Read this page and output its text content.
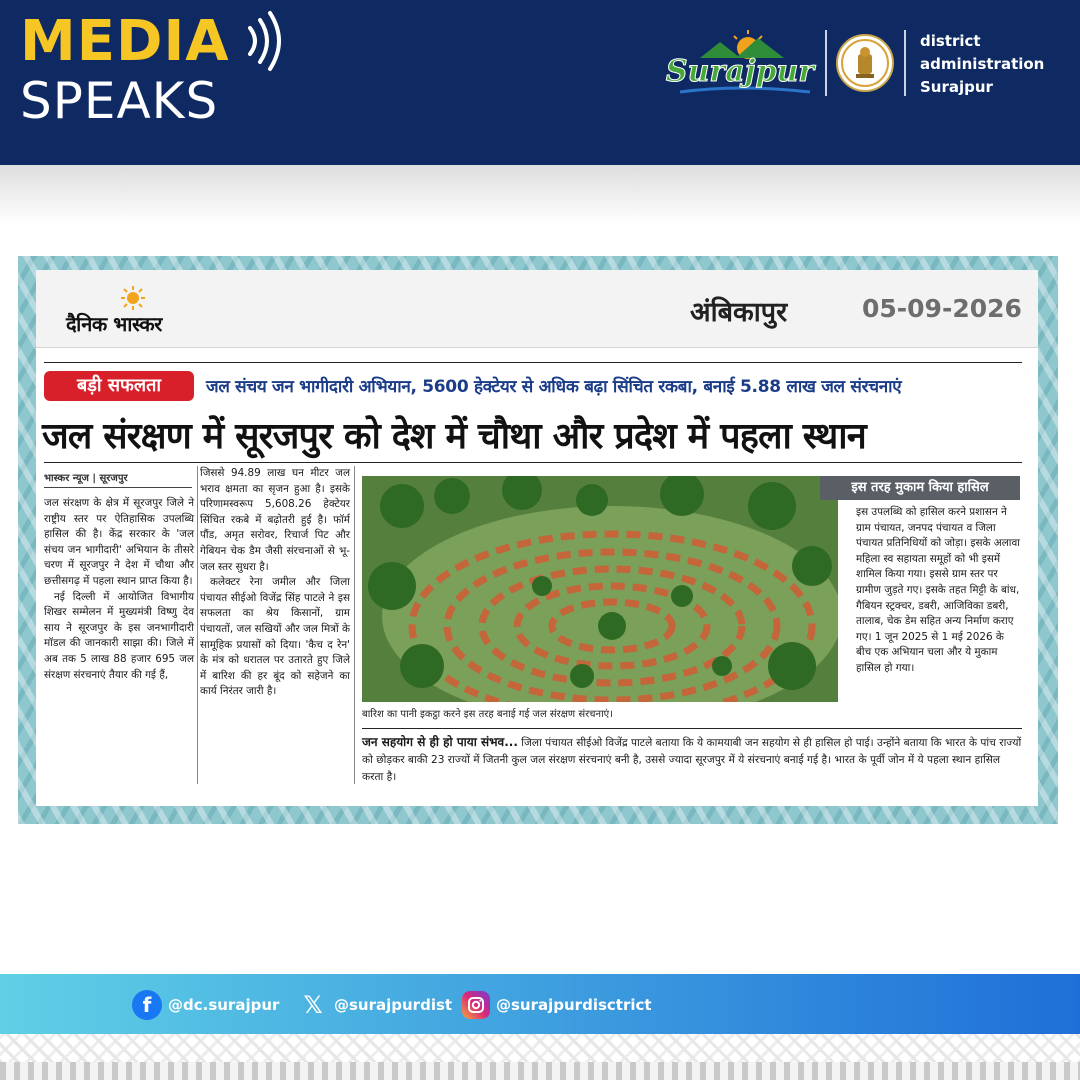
MEDIA
SPEAKS
Surajpur
district
administration
Surajpur
दैनिक भास्कर	अंबिकापुर	05-09-2026
बड़ी सफलता	जल संचय जन भागीदारी अभियान, 5600 हेक्टेयर से अधिक बढ़ा सिंचित रकबा, बनाई 5.88 लाख जल संरचनाएं
जल संरक्षण में सूरजपुर को देश में चौथा और प्रदेश में पहला स्थान
भास्कर न्यूज | सूरजपुर

जल संरक्षण के क्षेत्र में सूरजपुर जिले ने राष्ट्रीय स्तर पर ऐतिहासिक उपलब्धि हासिल की है। केंद्र सरकार के 'जल संचय जन भागीदारी' अभियान के तीसरे चरण में सूरजपुर ने देश में चौथा और छत्तीसगढ़ में पहला स्थान प्राप्त किया है।

नई दिल्ली में आयोजित विभागीय शिखर सम्मेलन में मुख्यमंत्री विष्णु देव साय ने सूरजपुर के इस जनभागीदारी मॉडल की जानकारी साझा की। जिले में अब तक 5 लाख 88 हजार 695 जल संरक्षण संरचनाएं तैयार की गई हैं,

जिससे 94.89 लाख घन मीटर जल भराव क्षमता का सृजन हुआ है। इसके परिणामस्वरूप 5,608.26 हेक्टेयर सिंचित रकबे में बढ़ोतरी हुई है। फॉर्म पौंड, अमृत सरोवर, रिचार्ज पिट और गेबियन चेक डैम जैसी संरचनाओं से भू-जल स्तर सुधरा है।

कलेक्टर रेना जमील और जिला पंचायत सीईओ विजेंद्र सिंह पाटले ने इस सफलता का श्रेय किसानों, ग्राम पंचायतों, जल सखियों और जल मित्रों के सामूहिक प्रयासों को दिया। 'कैच द रेन' के मंत्र को धरातल पर उतारते हुए जिले में बारिश की हर बूंद को सहेजने का कार्य निरंतर जारी है।

बारिश का पानी इकट्ठा करने इस तरह बनाई गई जल संरक्षण संरचनाएं।
इस तरह मुकाम किया हासिल
इस उपलब्धि को हासिल करने प्रशासन ने ग्राम पंचायत, जनपद पंचायत व जिला पंचायत प्रतिनिधियों को जोड़ा। इसके अलावा महिला स्व सहायता समूहों को भी इसमें शामिल किया गया। इससे ग्राम स्तर पर ग्रामीण जुड़ते गए। इसके तहत मिट्टी के बांध, गैबियन स्ट्रक्चर, डबरी, आजिविका डबरी, तालाब, चेक डेम सहित अन्य निर्माण कराए गए। 1 जून 2025 से 1 मई 2026 के बीच एक अभियान चला और ये मुकाम हासिल हो गया।
जन सहयोग से ही हो पाया संभव... जिला पंचायत सीईओ विजेंद्र पाटले बताया कि ये कामयाबी जन सहयोग से ही हासिल हो पाई। उन्होंने बताया कि भारत के पांच राज्यों को छोड़कर बाकी 23 राज्यों में जितनी कुल जल संरक्षण संरचनाएं बनी है, उससे ज्यादा सूरजपुर में ये संरचनाएं बनाई गई है। भारत के पूर्वी जोन में ये पहला स्थान हासिल करता है।
f	@dc.surajpur 𝕏 @surajpurdist	@surajpurdisctrict
